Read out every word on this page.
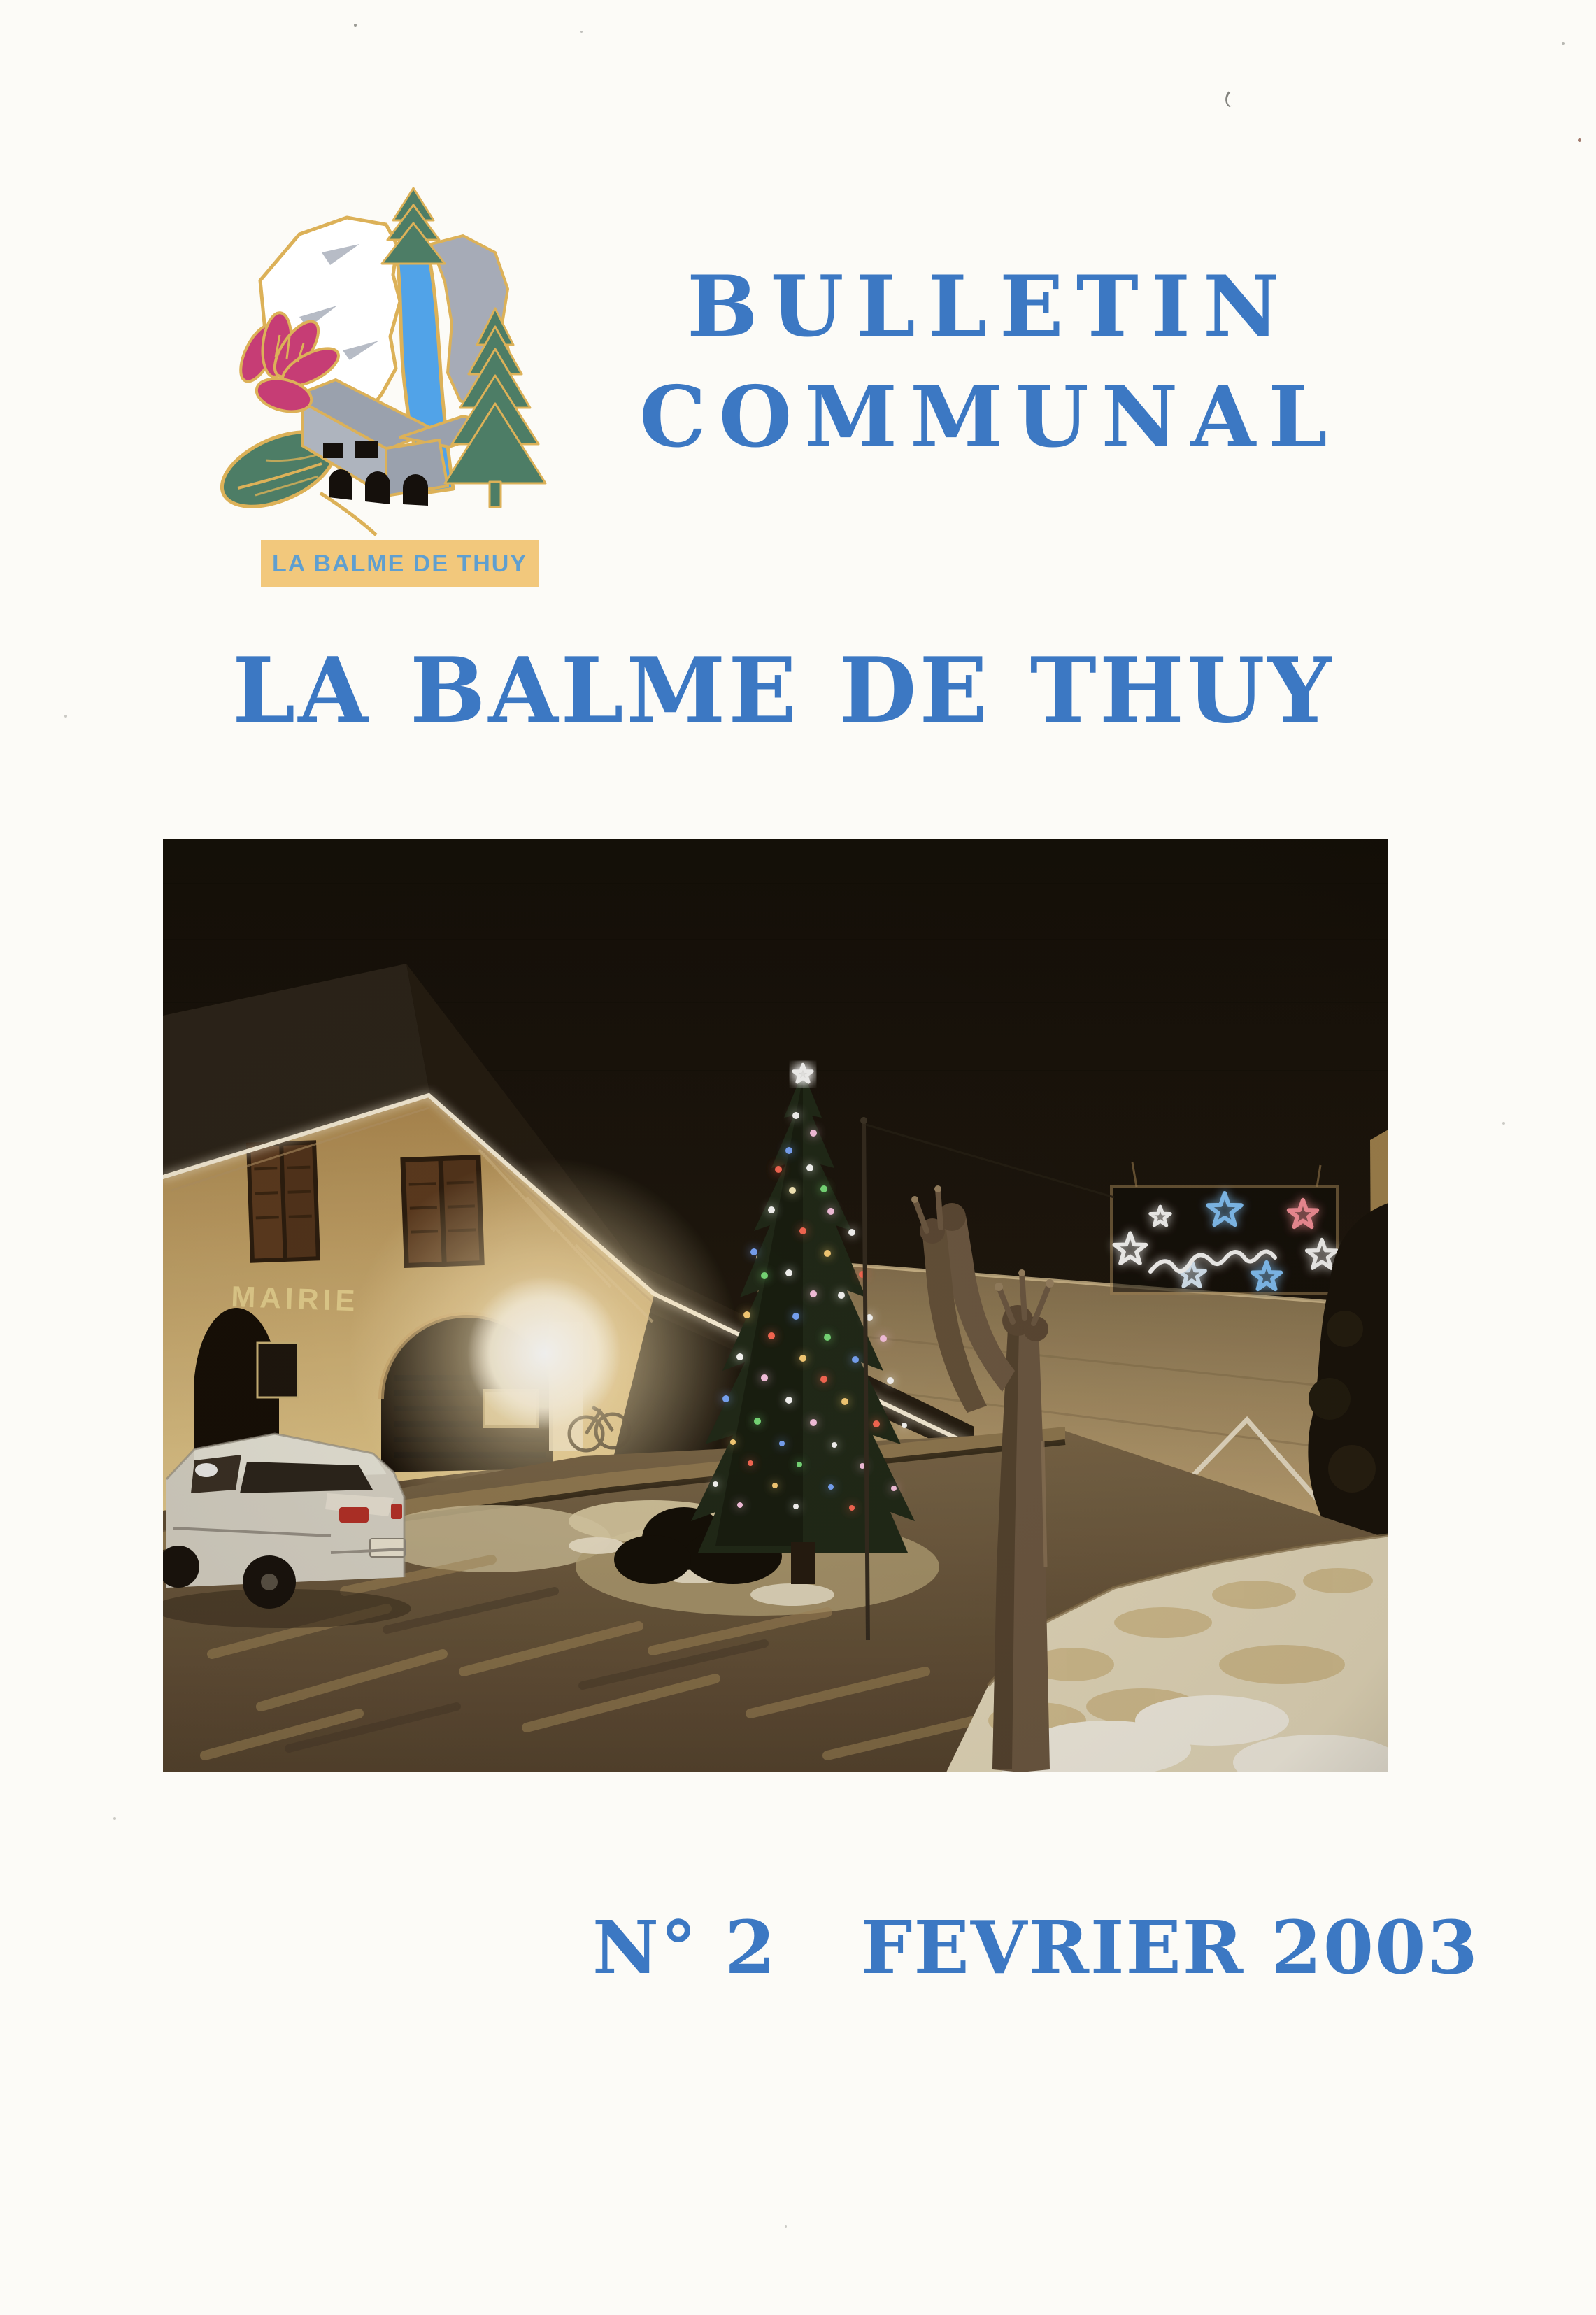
LA BALME DE THUY
BULLETIN
COMMUNAL
LA BALME DE THUY
N° 2 FEVRIER 2003
